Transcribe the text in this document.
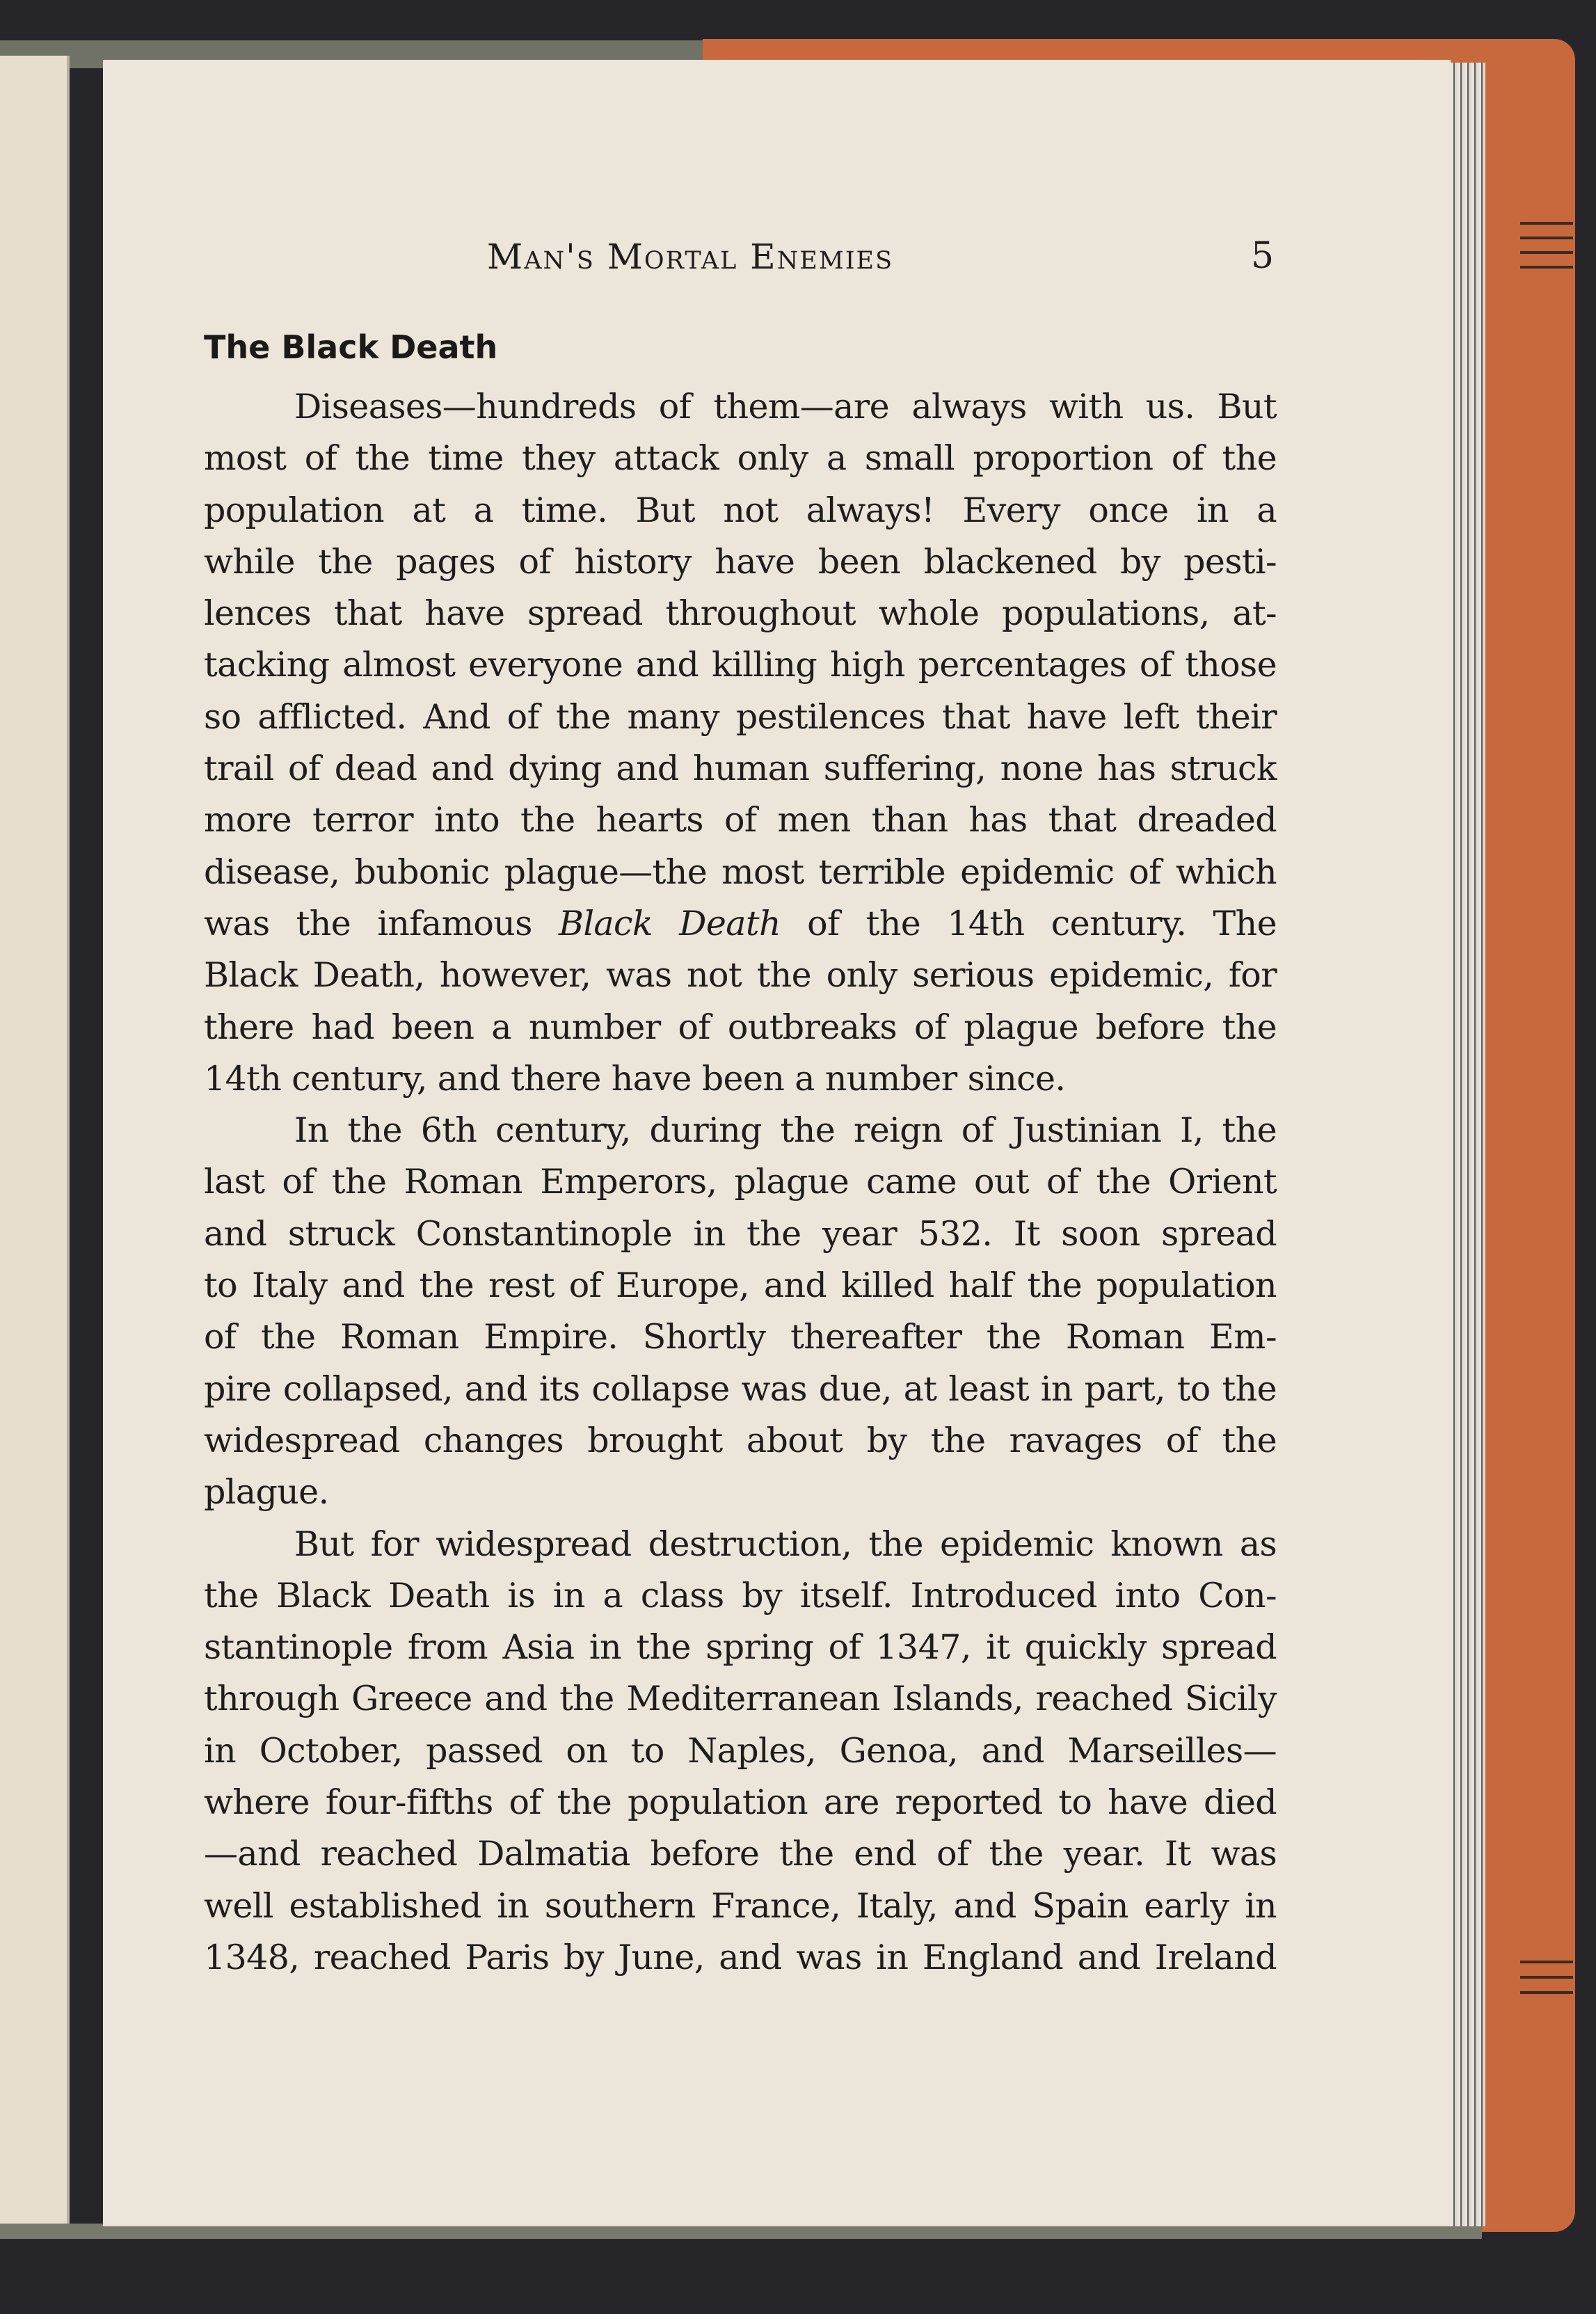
Man's Mortal Enemies	5
The Black Death
Diseases—hundreds of them—are always with us. But
most of the time they attack only a small proportion of the
population at a time. But not always! Every once in a
while the pages of history have been blackened by pesti-
lences that have spread throughout whole populations, at-
tacking almost everyone and killing high percentages of those
so afflicted. And of the many pestilences that have left their
trail of dead and dying and human suffering, none has struck
more terror into the hearts of men than has that dreaded
disease, bubonic plague—the most terrible epidemic of which
was the infamous Black Death of the 14th century. The
Black Death, however, was not the only serious epidemic, for
there had been a number of outbreaks of plague before the
14th century, and there have been a number since.
In the 6th century, during the reign of Justinian I, the
last of the Roman Emperors, plague came out of the Orient
and struck Constantinople in the year 532. It soon spread
to Italy and the rest of Europe, and killed half the population
of the Roman Empire. Shortly thereafter the Roman Em-
pire collapsed, and its collapse was due, at least in part, to the
widespread changes brought about by the ravages of the
plague.
But for widespread destruction, the epidemic known as
the Black Death is in a class by itself. Introduced into Con-
stantinople from Asia in the spring of 1347, it quickly spread
through Greece and the Mediterranean Islands, reached Sicily
in October, passed on to Naples, Genoa, and Marseilles—
where four-fifths of the population are reported to have died
—and reached Dalmatia before the end of the year. It was
well established in southern France, Italy, and Spain early in
1348, reached Paris by June, and was in England and Ireland
